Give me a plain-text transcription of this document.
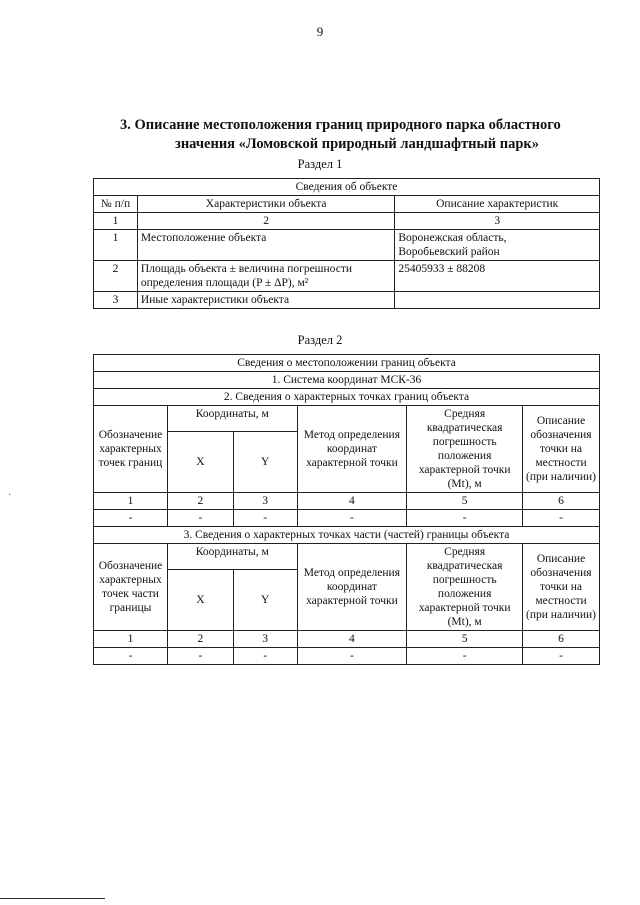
9
3. Описание местоположения границ природного парка областного
значения «Ломовской природный ландшафтный парк»
Раздел 1
Сведения об объекте		
№ п/п	Характеристики объекта	Описание характеристик
1	2	3
1	Местоположение объекта	Воронежская область,
Воробьевский район

2	Площадь объекта ± величина погрешности
определения площади (P ± ΔP), м²	25405933 ± 88208
3	Иные характеристики объекта	
Раздел 2
Сведения о местоположении границ объекта					
1. Система координат МСК-36					
2. Сведения о характерных точках границ объекта					
Обозначение характерных точек границ	Координаты, м		Метод определения координат характерной точки	Средняя квадратическая погрешность положения характерной точки (Mt), м	Описание обозначения точки на местности (при наличии)
	X	Y			
1	2	3	4	5	6
-	-	-	-	-	-
3. Сведения о характерных точках части (частей) границы объекта					
Обозначение характерных точек части границы	Координаты, м		Метод определения координат характерной точки	Средняя квадратическая погрешность положения характерной точки (Mt), м	Описание обозначения точки на местности (при наличии)
	X	Y			
1	2	3	4	5	6
-	-	-	-	-	-
·
